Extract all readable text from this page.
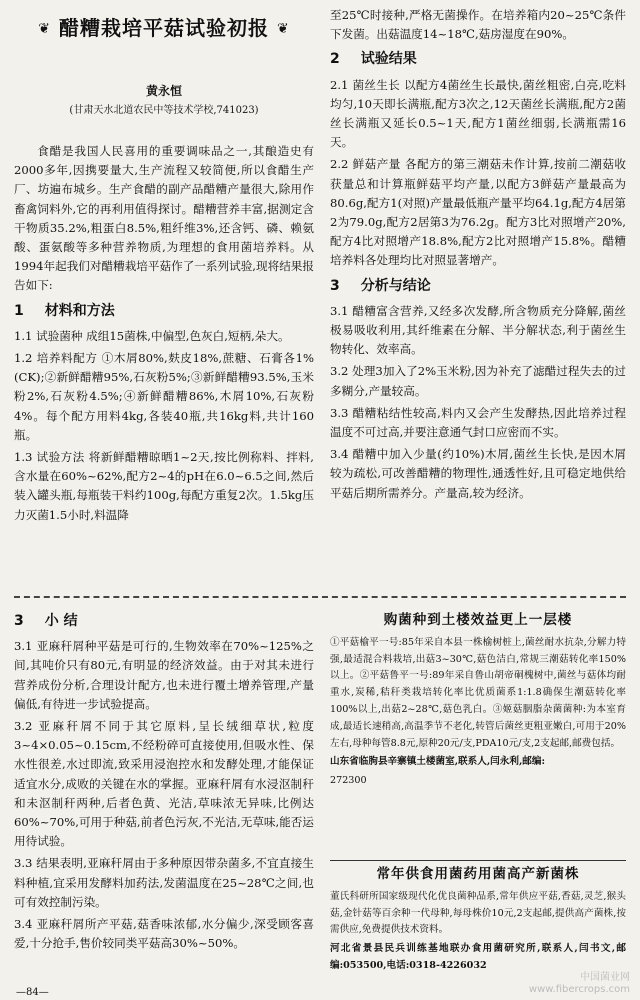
❦ 醋糟栽培平菇试验初报 ❦
黄永恒
(甘肃天水北道农民中等技术学校,741023)

食醋是我国人民喜用的重要调味品之一,其酿造史有2000多年,因携要量大,生产流程又较简便,所以食醋生产厂、坊遍布城乡。生产食醋的副产品醋糟产量很大,除用作畜禽饲料外,它的再利用值得探讨。醋糟营养丰富,据测定含干物质35.2%,粗蛋白8.5%,粗纤维3%,还含钙、磷、赖氨酸、蛋氨酸等多种营养物质,为理想的食用菌培养料。从1994年起我们对醋糟栽培平菇作了一系列试验,现将结果报告如下:

1 材料和方法

1.1 试验菌种 成组15菌株,中偏型,色灰白,短柄,朵大。

1.2 培养料配方 ①木屑80%,麸皮18%,蔗糖、石膏各1%(CK);②新鲜醋糟95%,石灰粉5%;③新鲜醋糟93.5%,玉米粉2%,石灰粉4.5%;④新鲜醋糟86%,木屑10%,石灰粉4%。每个配方用料4kg,各装40瓶,共16kg料,共计160瓶。

1.3 试验方法 将新鲜醋糟晾晒1~2天,按比例称料、拌料,含水量在60%~62%,配方2~4的pH在6.0~6.5之间,然后装入罐头瓶,每瓶装干料约100g,每配方重复2次。1.5kg压力灭菌1.5小时,料温降

至25℃时接种,严格无菌操作。在培养箱内20~25℃条件下发菌。出菇温度14~18℃,菇房湿度在90%。

2 试验结果

2.1 菌丝生长 以配方4菌丝生长最快,菌丝粗密,白亮,吃料均匀,10天即长满瓶,配方3次之,12天菌丝长满瓶,配方2菌丝长满瓶又延长0.5~1天,配方1菌丝细弱,长满瓶需16天。

2.2 鲜菇产量 各配方的第三潮菇未作计算,按前二潮菇收获量总和计算瓶鲜菇平均产量,以配方3鲜菇产量最高为80.6g,配方1(对照)产量最低瓶产量平均64.1g,配方4居第2为79.0g,配方2居第3为76.2g。配方3比对照增产20%,配方4比对照增产18.8%,配方2比对照增产15.8%。醋糟培养料各处理均比对照显著增产。

3 分析与结论

3.1 醋糟富含营养,又经多次发酵,所含物质充分降解,菌丝极易吸收利用,其纤维素在分解、半分解状态,利于菌丝生物转化、效率高。

3.2 处理3加入了2%玉米粉,因为补充了滤醋过程失去的过多糊分,产量较高。

3.3 醋糟粘结性较高,料内又会产生发酵热,因此培养过程温度不可过高,并要注意通气封口应密而不实。

3.4 醋糟中加入少量(约10%)木屑,菌丝生长快,是因木屑较为疏松,可改善醋糟的物理性,通透性好,且可稳定地供给平菇后期所需养分。产量高,较为经济。

3 小 结

3.1 亚麻秆屑种平菇是可行的,生物效率在70%~125%之间,其吨价只有80元,有明显的经济效益。由于对其未进行营养成份分析,合理设计配方,也未进行覆土增养管理,产量偏低,有待进一步试验提高。

3.2 亚麻秆屑不同于其它原料,呈长绒细草状,粒度3~4×0.05~0.15cm,不经粉碎可直接使用,但吸水性、保水性很差,水过即流,致采用浸泡控水和发酵处理,才能保证适宜水分,成败的关键在水的掌握。亚麻秆屑有水浸沤制秆和未沤制秆两种,后者色黄、光洁,草味浓无异味,比例达60%~70%,可用于种菇,前者色污灰,不光洁,无草味,能否运用待试验。

3.3 结果表明,亚麻秆屑由于多种原因带杂菌多,不宜直接生料种植,宜采用发酵料加药法,发菌温度在25~28℃之间,也可有效控制污染。

3.4 亚麻秆屑所产平菇,菇香味浓郁,水分偏少,深受顾客喜爱,十分抢手,售价较同类平菇高30%~50%。

购菌种到土楼效益更上一层楼

①平菇榆平一号:85年采自本县一株榆树桩上,菌丝耐水抗杂,分解力特强,最适混合料栽培,出菇3~30℃,菇色洁白,常规三潮菇转化率150%以上。②平菇鲁平一号:89年采自鲁山胡帝硐槐树中,菌丝与菇体均耐重水,炭稀,秸秆类栽培转化率比优质菌系1:1.8确保生潮菇转化率100%以上,出菇2~28℃,菇色乳白。③姬菇胭脂杂菌菌种:为本室育成,最适长速稍高,高温季节不老化,转管后菌丝更粗亚嫩白,可用于20%左右,母种每管8.8元,原种20元/支,PDA10元/支,2支起邮,邮费包括。

山东省临朐县辛寨镇土楼菌室,联系人,闫永利,邮编:

272300

常年供食用菌药用菌高产新菌株

董氏科研所国家级现代化优良菌种品系,常年供应平菇,香菇,灵芝,猴头菇,金针菇等百余种一代母种,每母株价10元,2支起邮,提供高产菌株,按需供应,免费提供技术资料。

河北省景县民兵训练基地联办食用菌研究所,联系人,闫书文,邮编:053500,电话:0318-4226032

—84—
中国菌业网
www.fibercrops.com
